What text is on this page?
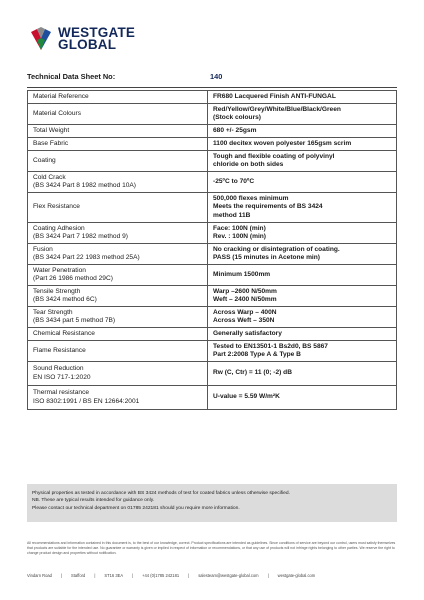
WESTGATE
GLOBAL
Technical Data Sheet No:	140
Material Reference	FR680 Lacquered Finish ANTI-FUNGAL
Material Colours	Red/Yellow/Grey/White/Blue/Black/Green
(Stock colours)
Total Weight	680 +/- 25gsm
Base Fabric	1100 decitex woven polyester 165gsm scrim
Coating	Tough and flexible coating of polyvinyl
chloride on both sides
Cold Crack
(BS 3424 Part 8 1982 method 10A)	-25ºC to 70ºC
Flex Resistance	500,000 flexes minimum
Meets the requirements of BS 3424
method 11B
Coating Adhesion
(BS 3424 Part 7 1982 method 9)	Face: 100N (min)
Rev. : 100N (min)
Fusion
(BS 3424 Part 22 1983 method 25A)	No cracking or disintegration of coating.
PASS (15 minutes in Acetone min)
Water Penetration
(Part 26 1986 method 29C)	Minimum 1500mm
Tensile Strength
(BS 3424 method 6C)	Warp –2600 N/50mm
Weft – 2400 N/50mm
Tear Strength
(BS 3434 part 5 method 7B)	Across Warp – 400N
Across Weft – 350N
Chemical Resistance	Generally satisfactory
Flame Resistance	Tested to EN13501-1 Bs2d0, BS 5867
Part 2:2008 Type A & Type B
Sound Reduction
EN ISO 717-1:2020	Rw (C, Ctr) = 11 (0; -2) dB
Thermal resistance
ISO 8302:1991 / BS EN 12664:2001	U-value = 5.59 W/m²K
Physical properties as tested in accordance with BS 3424 methods of test for coated fabrics unless otherwise specified.
NB. These are typical results intended for guidance only.
Please contact our technical department on 01785 242181 should you require more information.
All recommendations and information contained in this document is, to the best of our knowledge, correct. Product specifications are intended as guidelines. Since conditions of service are beyond our control, users must satisfy themselves that products are suitable for the intended use. No guarantee or warranty is given or implied in respect of information or recommendations, or that any use of products will not infringe rights belonging to other parties. We reserve the right to change product design and properties without notification.
Vindarn Road | Stafford | ST16 3EA | +44 (0)1785 242181 | salesteam@westgate-global.com | westgate-global.com
